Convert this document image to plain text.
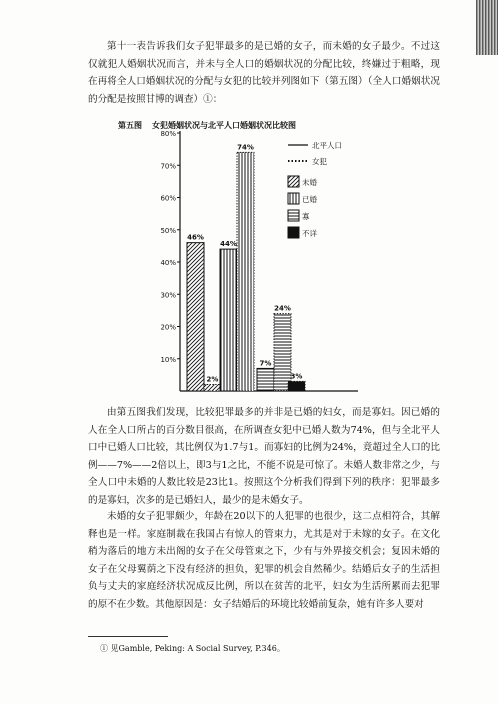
第十一表告诉我们女子犯罪最多的是已婚的女子，而未婚的女子最少。不过这仅就犯人婚姻状况而言，并未与全人口的婚姻状况的分配比较，终嫌过于粗略，现在再将全人口婚姻状况的分配与女犯的比较并列图如下（第五图）（全人口婚姻状况的分配是按照甘博的调查）①：

第五图 女犯婚姻状况与北平人口婚姻状况比较图
10%
20%
30%
40%
50%
60%
70%
80%
46%
2%
44%
74%
7%
24%
3%
北平人口
女犯
未婚
已婚
寡
不详

由第五图我们发现，比较犯罪最多的并非是已婚的妇女，而是寡妇。因已婚的人在全人口所占的百分数目很高，在所调查女犯中已婚人数为74%，但与全北平人口中已婚人口比较，其比例仅为1.7与1。而寡妇的比例为24%，竟超过全人口的比例——7%——2倍以上，即3与1之比，不能不说是可惊了。未婚人数非常之少，与全人口中未婚的人数比较是23比1。按照这个分析我们得到下列的秩序：犯罪最多的是寡妇，次多的是已婚妇人，最少的是未婚女子。

未婚的女子犯罪颇少，年龄在20以下的人犯罪的也很少，这二点相符合，其解释也是一样。家庭制裁在我国占有惊人的管束力，尤其是对于未嫁的女子。在文化稍为落后的地方未出阁的女子在父母管束之下，少有与外界接交机会；复因未婚的女子在父母翼荫之下没有经济的担负，犯罪的机会自然稀少。结婚后女子的生活担负与丈夫的家庭经济状况成反比例，所以在贫苦的北平，妇女为生活所累而去犯罪的原不在少数。其他原因是：女子结婚后的环境比较婚前复杂，她有许多人要对

① 见Gamble, Peking: A Social Survey, P.346。
